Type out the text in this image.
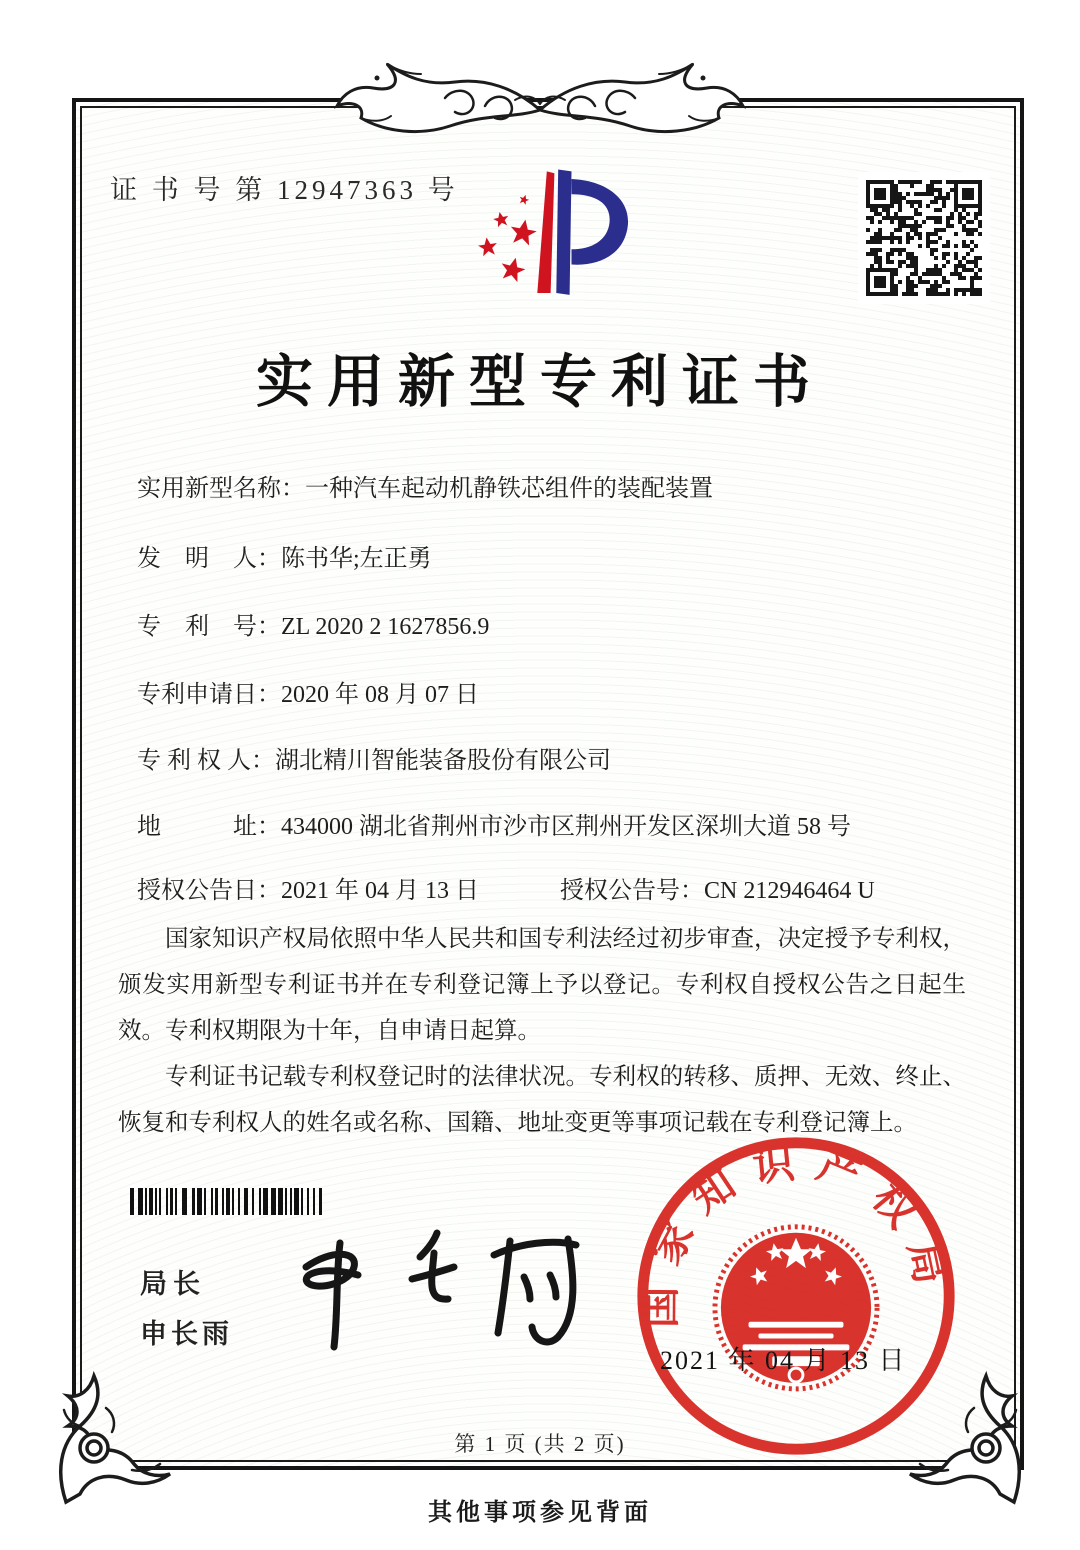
证 书 号 第 12947363 号
实用新型专利证书
实用新型名称：一种汽车起动机静铁芯组件的装配装置
发　明　人：陈书华;左正勇
专　利　号：ZL 2020 2 1627856.9
专利申请日：2020 年 08 月 07 日
专 利 权 人：湖北精川智能装备股份有限公司
地　　　址：434000 湖北省荆州市沙市区荆州开发区深圳大道 58 号
授权公告日：2021 年 04 月 13 日	授权公告号：CN 212946464 U

国家知识产权局依照中华人民共和国专利法经过初步审查，决定授予专利权，颁发实用新型专利证书并在专利登记簿上予以登记。专利权自授权公告之日起生效。专利权期限为十年，自申请日起算。

专利证书记载专利权登记时的法律状况。专利权的转移、质押、无效、终止、恢复和专利权人的姓名或名称、国籍、地址变更等事项记载在专利登记簿上。

局长
申长雨
国家知识产权局
2021 年 04 月 13 日
第 1 页 (共 2 页)
其他事项参见背面
